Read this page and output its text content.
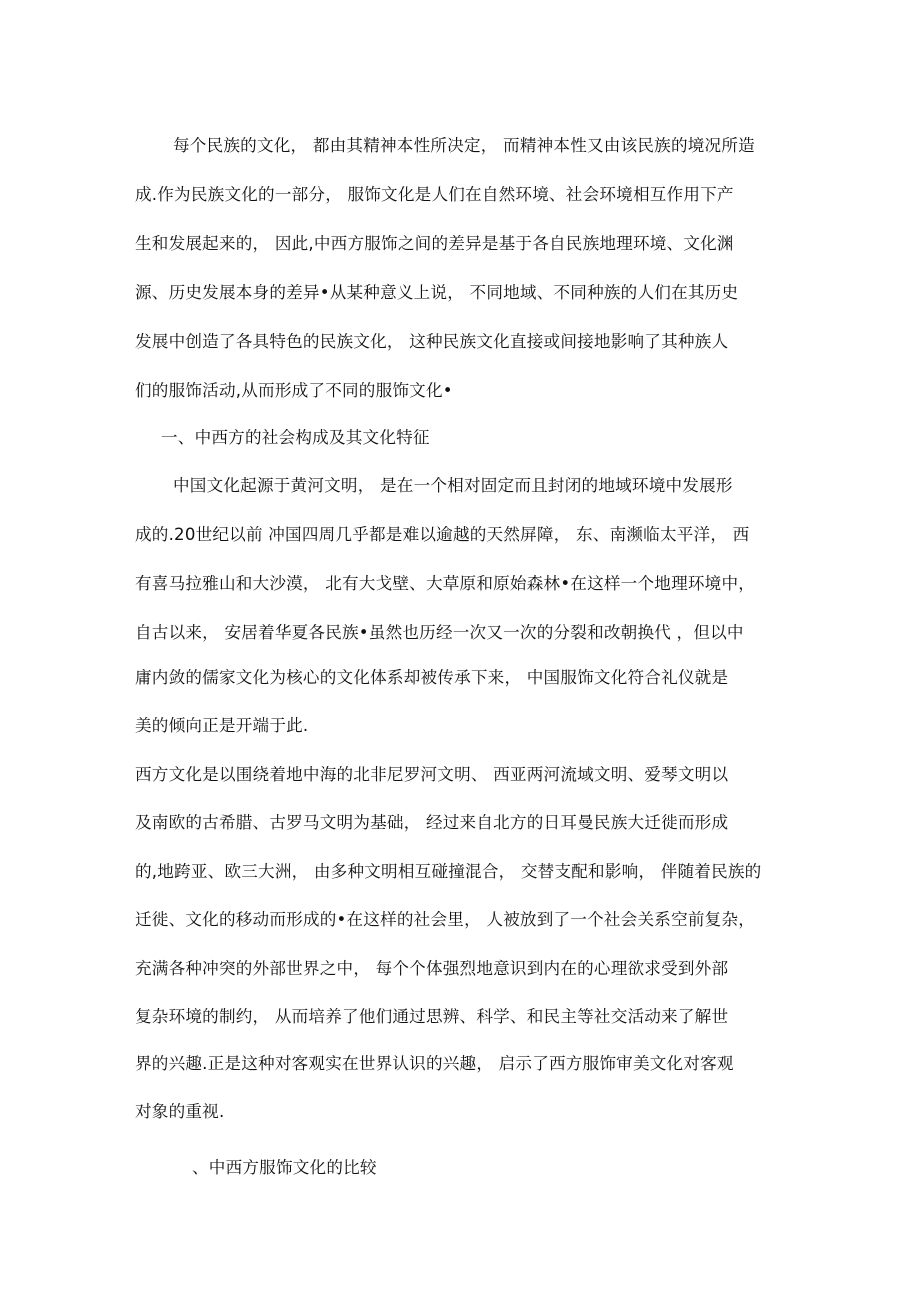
每个民族的文化， 都由其精神本性所决定， 而精神本性又由该民族的境况所造
成.作为民族文化的一部分， 服饰文化是人们在自然环境、社会环境相互作用下产
生和发展起来的， 因此,中西方服饰之间的差异是基于各自民族地理环境、文化渊
源、历史发展本身的差异•从某种意义上说， 不同地域、不同种族的人们在其历史
发展中创造了各具特色的民族文化， 这种民族文化直接或间接地影响了其种族人
们的服饰活动,从而形成了不同的服饰文化•
一、中西方的社会构成及其文化特征
中国文化起源于黄河文明， 是在一个相对固定而且封闭的地域环境中发展形
成的.20世纪以前 冲国四周几乎都是难以逾越的天然屏障， 东、南濒临太平洋， 西
有喜马拉雅山和大沙漠， 北有大戈壁、大草原和原始森林•在这样一个地理环境中，
自古以来， 安居着华夏各民族•虽然也历经一次又一次的分裂和改朝换代 ，但以中
庸内敛的儒家文化为核心的文化体系却被传承下来， 中国服饰文化符合礼仪就是
美的倾向正是开端于此.
西方文化是以围绕着地中海的北非尼罗河文明、 西亚两河流域文明、爱琴文明以
及南欧的古希腊、古罗马文明为基础， 经过来自北方的日耳曼民族大迁徙而形成
的,地跨亚、欧三大洲， 由多种文明相互碰撞混合， 交替支配和影响， 伴随着民族的
迁徙、文化的移动而形成的•在这样的社会里， 人被放到了一个社会关系空前复杂，
充满各种冲突的外部世界之中， 每个个体强烈地意识到内在的心理欲求受到外部
复杂环境的制约， 从而培养了他们通过思辨、科学、和民主等社交活动来了解世
界的兴趣.正是这种对客观实在世界认识的兴趣， 启示了西方服饰审美文化对客观
对象的重视.
、中西方服饰文化的比较
